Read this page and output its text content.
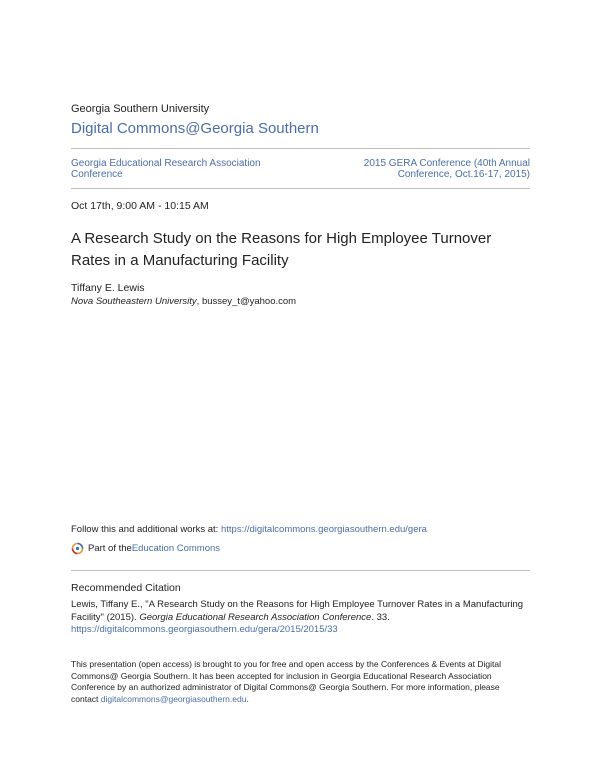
Georgia Southern University
Digital Commons@Georgia Southern
Georgia Educational Research Association
Conference
2015 GERA Conference (40th Annual
Conference, Oct.16-17, 2015)
Oct 17th, 9:00 AM - 10:15 AM
A Research Study on the Reasons for High Employee Turnover
Rates in a Manufacturing Facility
Tiffany E. Lewis
Nova Southeastern University, bussey_t@yahoo.com
Follow this and additional works at: https://digitalcommons.georgiasouthern.edu/gera
Part of the Education Commons
Recommended Citation
Lewis, Tiffany E., "A Research Study on the Reasons for High Employee Turnover Rates in a Manufacturing
Facility" (2015). Georgia Educational Research Association Conference. 33.
https://digitalcommons.georgiasouthern.edu/gera/2015/2015/33
This presentation (open access) is brought to you for free and open access by the Conferences & Events at Digital
Commons@ Georgia Southern. It has been accepted for inclusion in Georgia Educational Research Association
Conference by an authorized administrator of Digital Commons@ Georgia Southern. For more information, please
contact digitalcommons@georgiasouthern.edu.
